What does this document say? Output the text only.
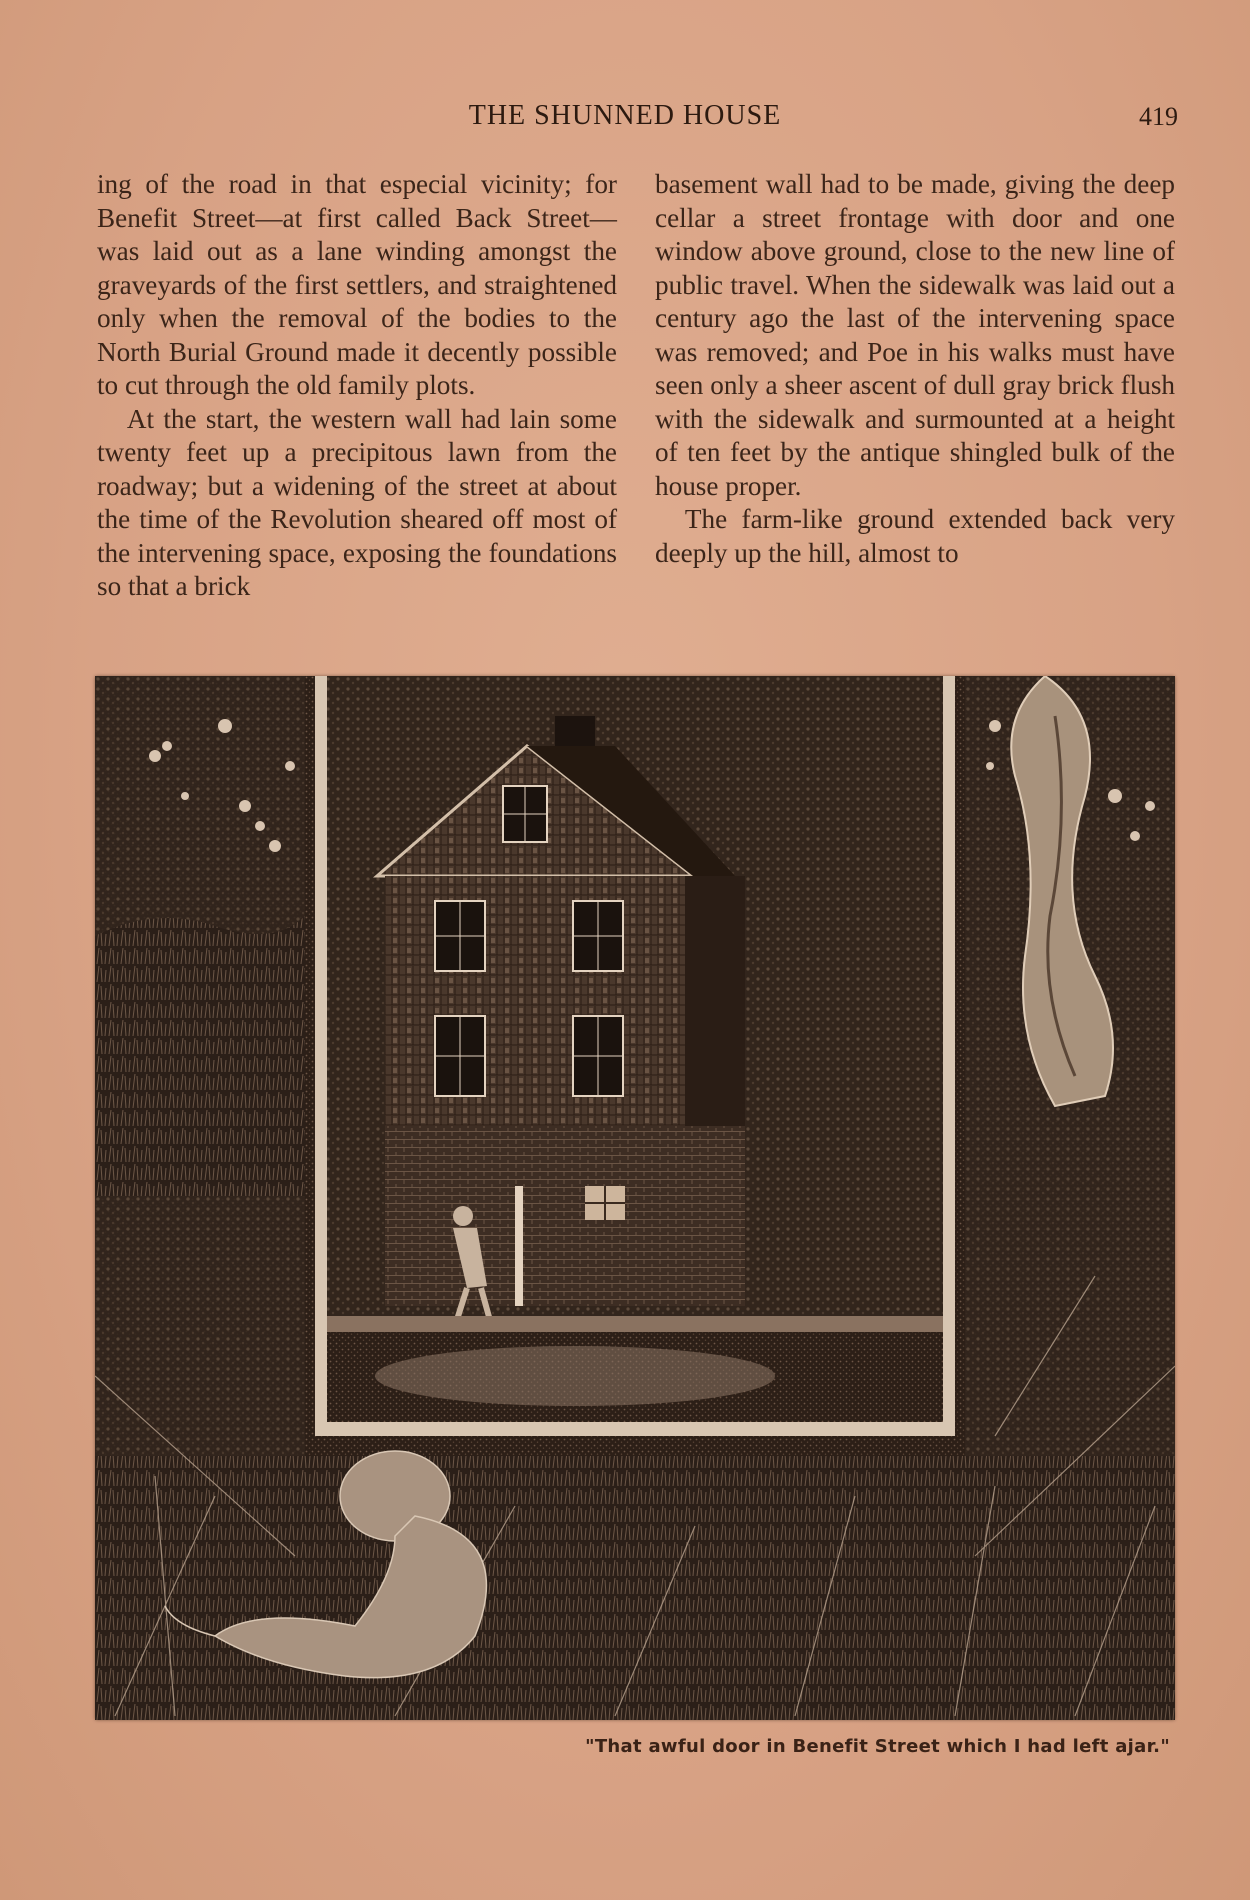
THE SHUNNED HOUSE	419

ing of the road in that especial vicinity; for Benefit Street—at first called Back Street—was laid out as a lane winding amongst the graveyards of the first settlers, and straightened only when the removal of the bodies to the North Burial Ground made it decently possible to cut through the old family plots.

At the start, the western wall had lain some twenty feet up a precipitous lawn from the roadway; but a widening of the street at about the time of the Revolution sheared off most of the intervening space, exposing the foundations so that a brick

basement wall had to be made, giving the deep cellar a street frontage with door and one window above ground, close to the new line of public travel. When the sidewalk was laid out a century ago the last of the intervening space was removed; and Poe in his walks must have seen only a sheer ascent of dull gray brick flush with the sidewalk and surmounted at a height of ten feet by the antique shingled bulk of the house proper.

The farm-like ground extended back very deeply up the hill, almost to

"That awful door in Benefit Street which I had left ajar."
